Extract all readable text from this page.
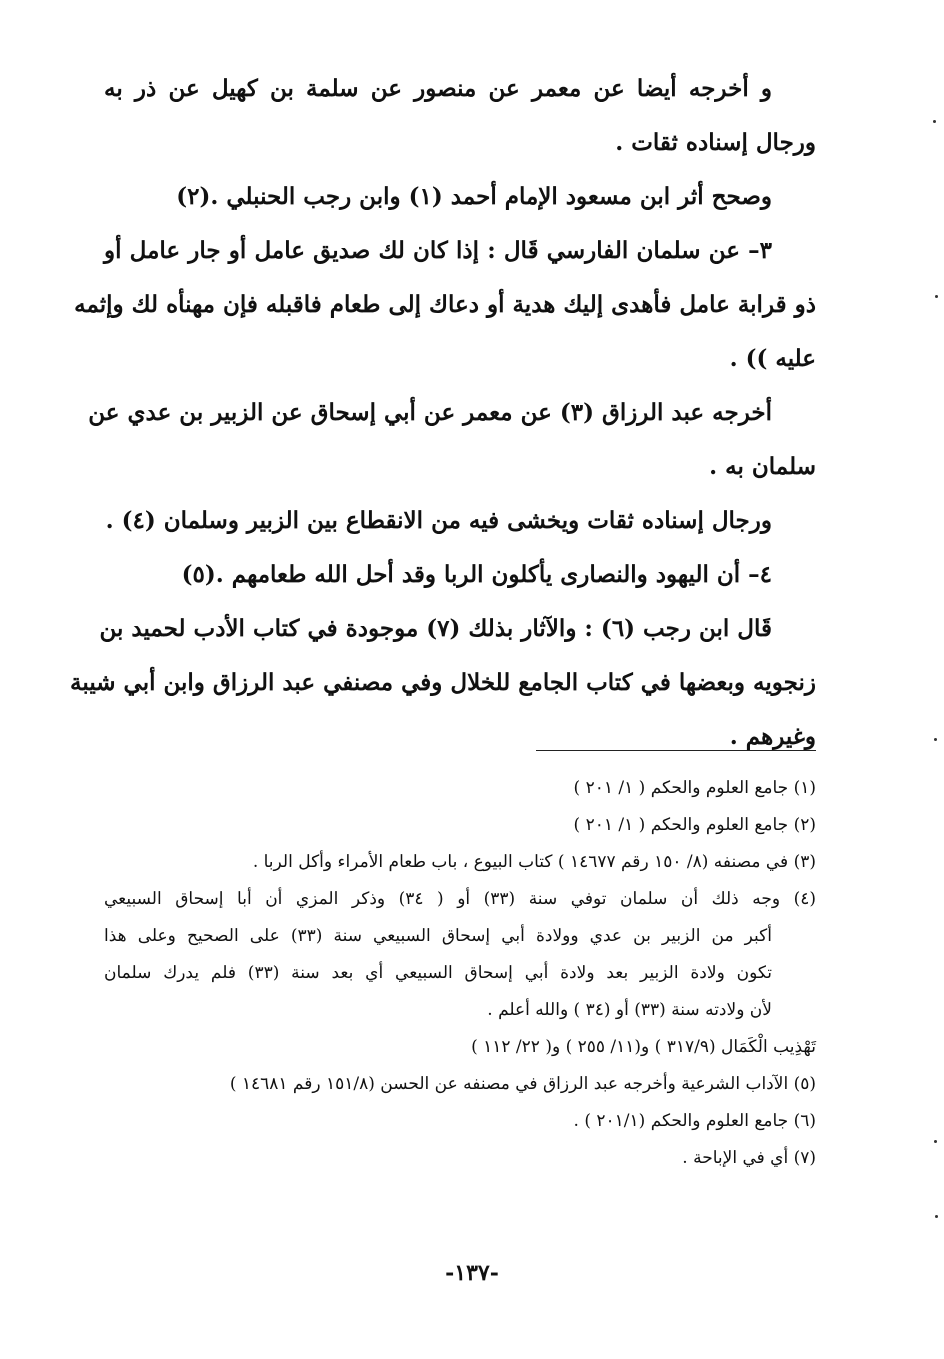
و أخرجه أيضا عن معمر عن منصور عن سلمة بن كهيل عن ذر به
ورجال إسناده ثقات .
وصحح أثر ابن مسعود الإمام أحمد (١) وابن رجب الحنبلي .(٢)
٣– عن سلمان الفارسي قَال : إذا كان لك صديق عامل أو جار عامل أو
ذو قرابة عامل فأهدى إليك هدية أو دعاك إلى طعام فاقبله فإن مهنأه لك وإثمه
عليه )) .
أخرجه عبد الرزاق (٣) عن معمر عن أبي إسحاق عن الزبير بن عدي عن
سلمان به .
ورجال إسناده ثقات ويخشى فيه من الانقطاع بين الزبير وسلمان (٤) .
٤– أن اليهود والنصارى يأكلون الربا وقد أحل الله طعامهم .(٥)
قَال ابن رجب (٦) : والآثار بذلك (٧) موجودة في كتاب الأدب لحميد بن
زنجويه وبعضها في كتاب الجامع للخلال وفي مصنفي عبد الرزاق وابن أبي شيبة
وغيرهم .
(١) جامع العلوم والحكم ( ١/ ٢٠١ )
(٢) جامع العلوم والحكم ( ١/ ٢٠١ )
(٣) في مصنفه (٨/ ١٥٠ رقم ١٤٦٧٧ ) كتاب البيوع ، باب طعام الأمراء وأكل الربا .
(٤) وجه ذلك أن سلمان توفي سنة (٣٣) أو ( ٣٤) وذكر المزي أن أبا إسحاق السبيعي
أكبر من الزبير بن عدي وولادة أبي إسحاق السبيعي سنة (٣٣) على الصحيح وعلى هذا
تكون ولادة الزبير بعد ولادة أبي إسحاق السبيعي أي بعد سنة (٣٣) فلم يدرك سلمان
لأن ولادته سنة (٣٣) أو (٣٤ ) والله أعلم .
تَهْذِيب الْكَمَال (٣١٧/٩ ) و(١١/ ٢٥٥ ) و( ٢٢/ ١١٢ )
(٥) الآداب الشرعية وأخرجه عبد الرزاق في مصنفه عن الحسن (١٥١/٨ رقم ١٤٦٨١ )
(٦) جامع العلوم والحكم (٢٠١/١ ) .
(٧) أي في الإباحة .
-١٣٧-
